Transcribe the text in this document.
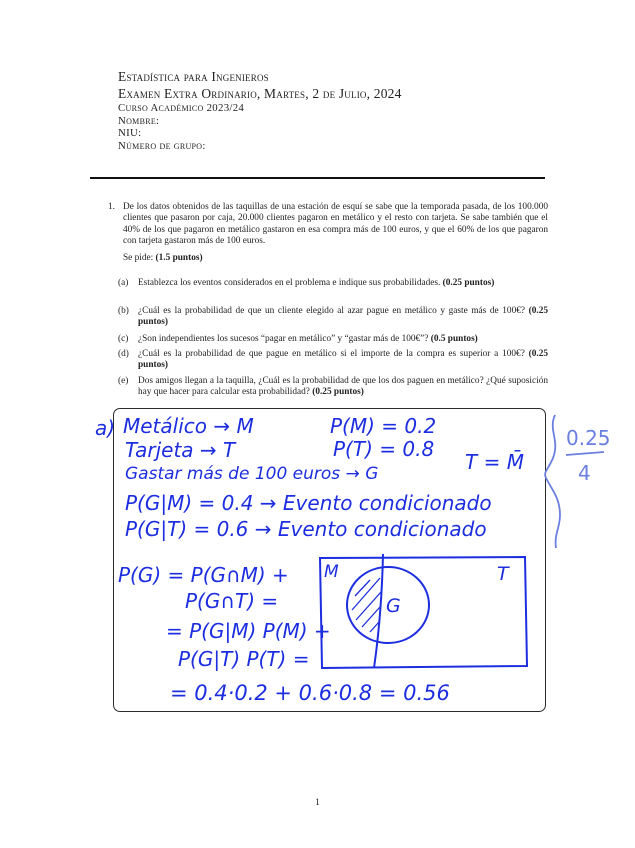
Estadística para Ingenieros
Examen Extra Ordinario, Martes, 2 de Julio, 2024
Curso Académico 2023/24
Nombre:
NIU:
Número de grupo:
1. De los datos obtenidos de las taquillas de una estación de esquí se sabe que la temporada pasada, de los 100.000 clientes que pasaron por caja, 20.000 clientes pagaron en metálico y el resto con tarjeta. Se sabe también que el 40% de los que pagaron en metálico gastaron en esa compra más de 100 euros, y que el 60% de los que pagaron con tarjeta gastaron más de 100 euros.
Se pide: (1.5 puntos)
(a) Establezca los eventos considerados en el problema e indique sus probabilidades. (0.25 puntos)
(b) ¿Cuál es la probabilidad de que un cliente elegido al azar pague en metálico y gaste más de 100€? (0.25 puntos)
(c) ¿Son independientes los sucesos “pagar en metálico” y “gastar más de 100€”? (0.5 puntos)
(d) ¿Cuál es la probabilidad de que pague en metálico si el importe de la compra es superior a 100€? (0.25 puntos)
(e) Dos amigos llegan a la taquilla, ¿Cuál es la probabilidad de que los dos paguen en metálico? ¿Qué suposición hay que hacer para calcular esta probabilidad? (0.25 puntos)
a) Metálico → M	P(M) = 0.2
Tarjeta → T	P(T) = 0.8
T = M̄
Gastar más de 100 euros → G
P(G|M) = 0.4 → Evento condicionado
P(G|T) = 0.6 → Evento condicionado
P(G) = P(G∩M) +
P(G∩T) =
= P(G|M) P(M) +
P(G|T) P(T) =
= 0.4·0.2 + 0.6·0.8 = 0.56
M	T
G
0.25
4
1
